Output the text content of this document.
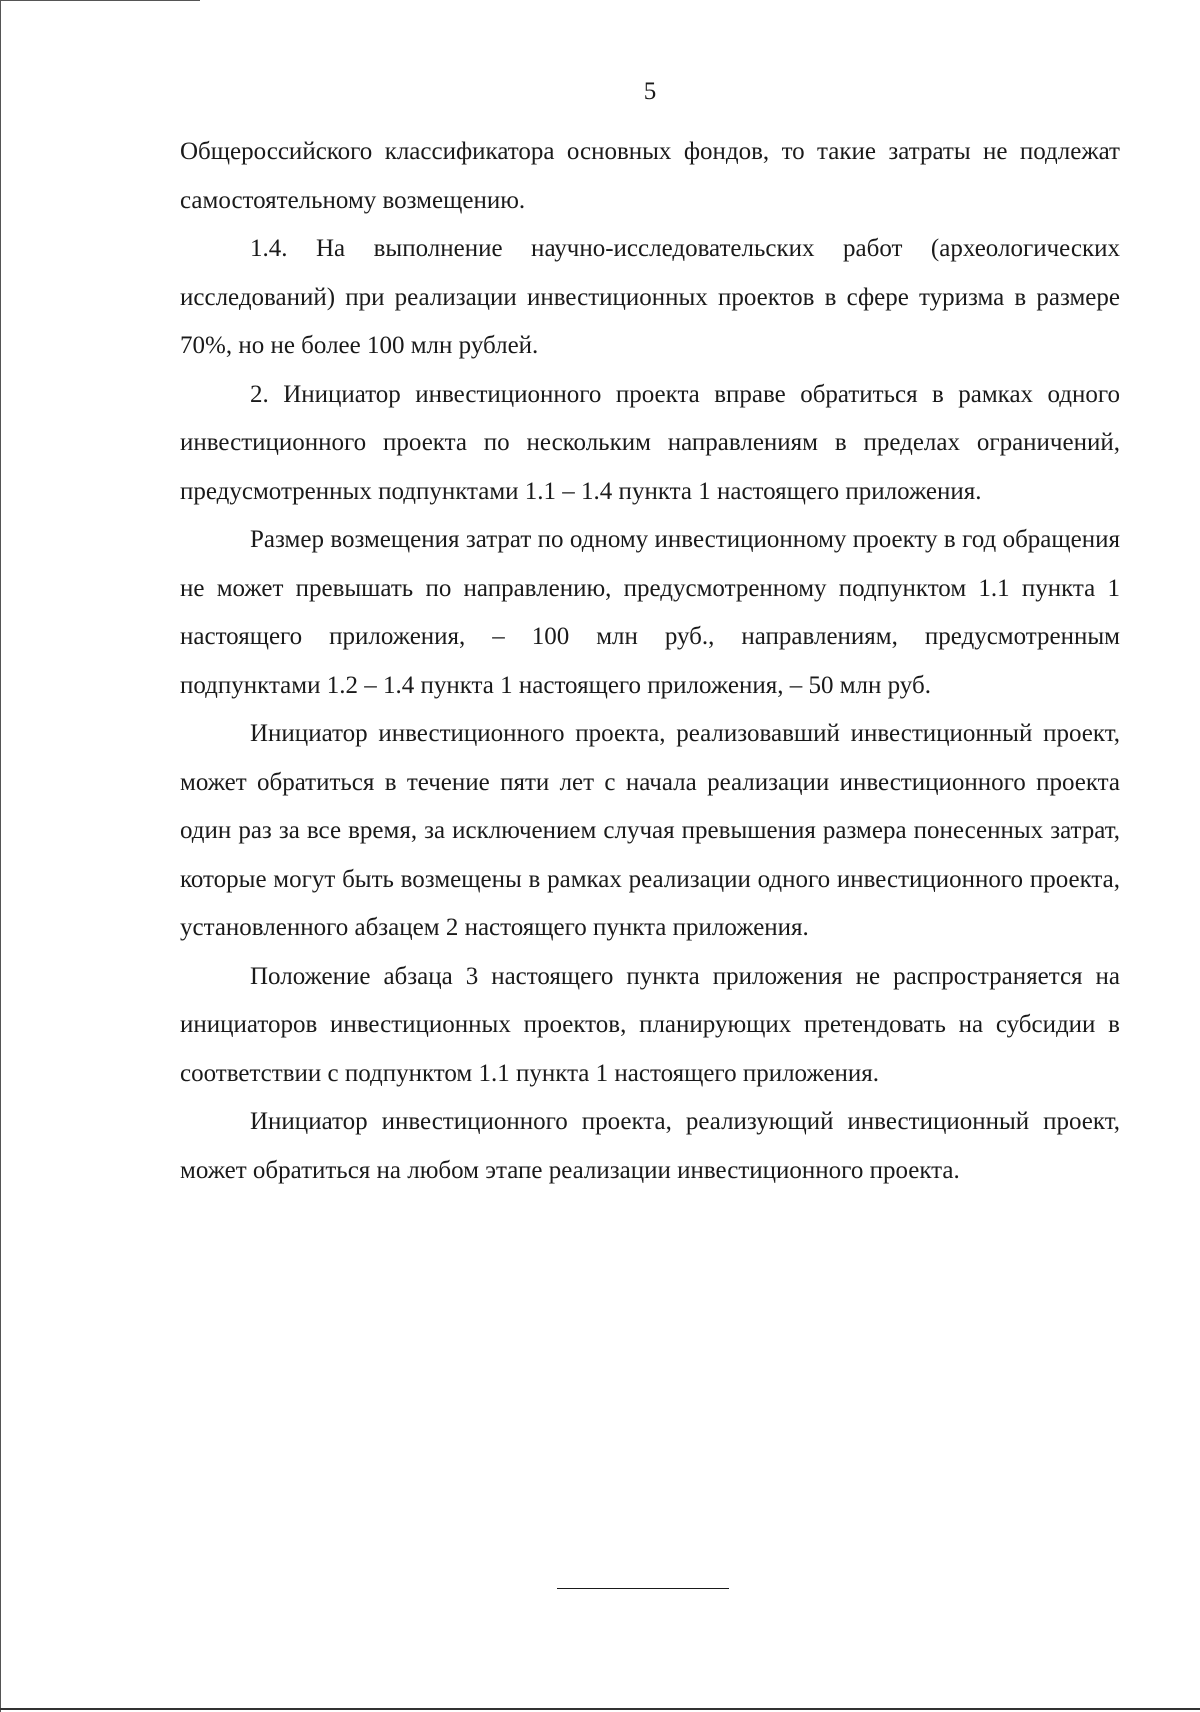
5

Общероссийского классификатора основных фондов, то такие затраты не подлежат самостоятельному возмещению.

1.4. На выполнение научно-исследовательских работ (археологических исследований) при реализации инвестиционных проектов в сфере туризма в размере 70%, но не более 100 млн рублей.

2. Инициатор инвестиционного проекта вправе обратиться в рамках одного инвестиционного проекта по нескольким направлениям в пределах ограничений, предусмотренных подпунктами 1.1 – 1.4 пункта 1 настоящего приложения.

Размер возмещения затрат по одному инвестиционному проекту в год обращения не может превышать по направлению, предусмотренному подпунктом 1.1 пункта 1 настоящего приложения, – 100 млн руб., направлениям, предусмотренным подпунктами 1.2 – 1.4 пункта 1 настоящего приложения, – 50 млн руб.

Инициатор инвестиционного проекта, реализовавший инвестиционный проект, может обратиться в течение пяти лет с начала реализации инвестиционного проекта один раз за все время, за исключением случая превышения размера понесенных затрат, которые могут быть возмещены в рамках реализации одного инвестиционного проекта, установленного абзацем 2 настоящего пункта приложения.

Положение абзаца 3 настоящего пункта приложения не распространяется на инициаторов инвестиционных проектов, планирующих претендовать на субсидии в соответствии с подпунктом 1.1 пункта 1 настоящего приложения.

Инициатор инвестиционного проекта, реализующий инвестиционный проект, может обратиться на любом этапе реализации инвестиционного проекта.
